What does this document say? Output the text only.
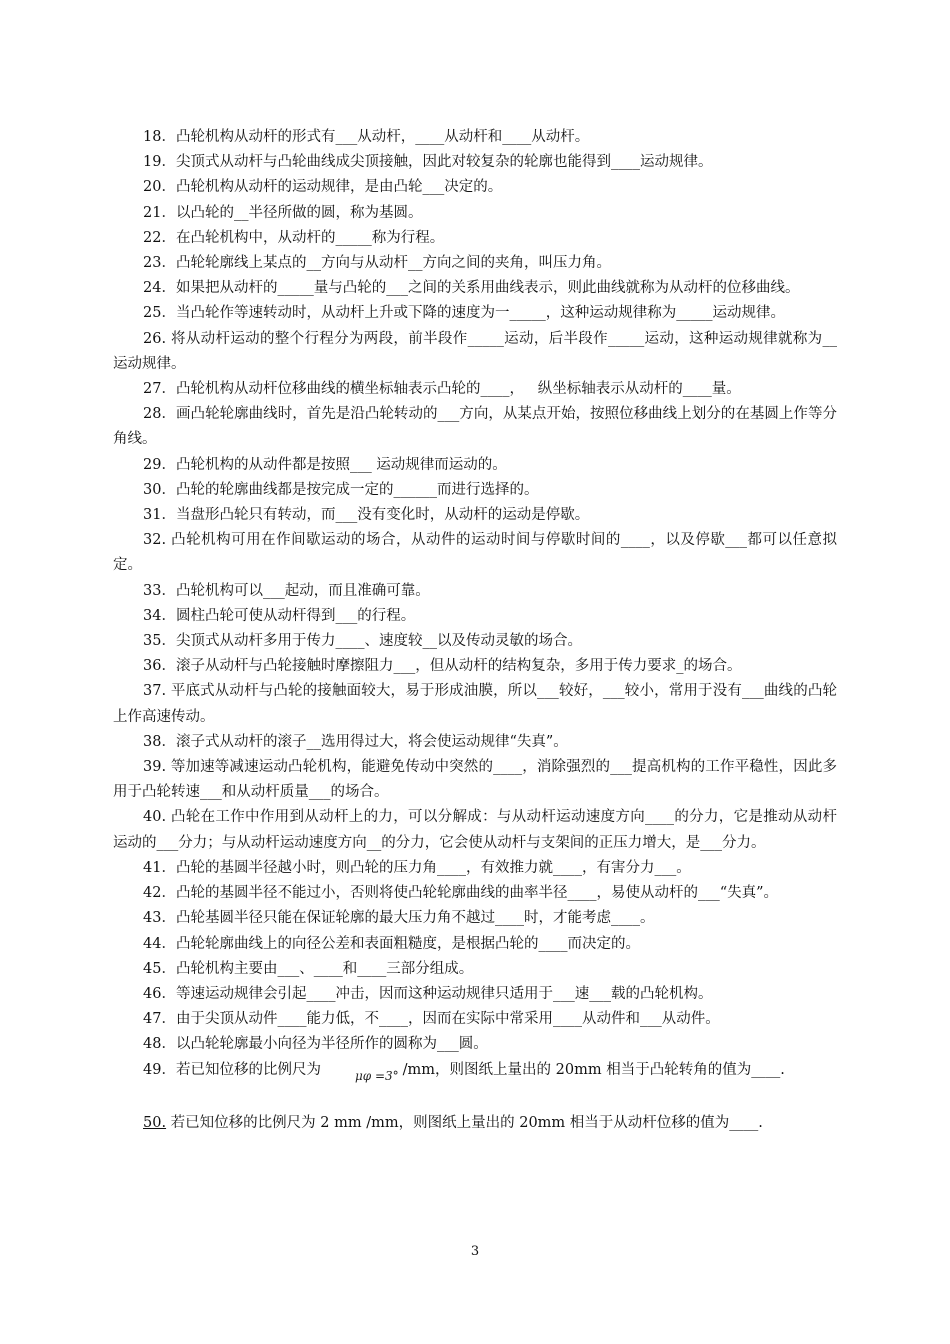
18．凸轮机构从动杆的形式有___从动杆，____从动杆和____从动杆。

19．尖顶式从动杆与凸轮曲线成尖顶接触，因此对较复杂的轮廓也能得到____运动规律。

20．凸轮机构从动杆的运动规律，是由凸轮___决定的。

21．以凸轮的__半径所做的圆，称为基圆。

22．在凸轮机构中，从动杆的_____称为行程。

23．凸轮轮廓线上某点的__方向与从动杆__方向之间的夹角，叫压力角。

24．如果把从动杆的_____量与凸轮的___之间的关系用曲线表示，则此曲线就称为从动杆的位移曲线。

25．当凸轮作等速转动时，从动杆上升或下降的速度为一_____，这种运动规律称为_____运动规律。

26. 将从动杆运动的整个行程分为两段，前半段作_____运动，后半段作_____运动，这种运动规律就称为__运动规律。

27．凸轮机构从动杆位移曲线的横坐标轴表示凸轮的____，   纵坐标轴表示从动杆的____量。

28．画凸轮轮廓曲线时，首先是沿凸轮转动的___方向，从某点开始，按照位移曲线上划分的在基圆上作等分角线。

29．凸轮机构的从动件都是按照___ 运动规律而运动的。

30．凸轮的轮廓曲线都是按完成一定的______而进行选择的。

31．当盘形凸轮只有转动，而___没有变化时，从动杆的运动是停歇。

32. 凸轮机构可用在作间歇运动的场合，从动件的运动时间与停歇时间的____，以及停歇___都可以任意拟定。

33．凸轮机构可以___起动，而且准确可靠。

34．圆柱凸轮可使从动杆得到___的行程。

35．尖顶式从动杆多用于传力____、速度较__以及传动灵敏的场合。

36．滚子从动杆与凸轮接触时摩擦阻力___，但从动杆的结构复杂，多用于传力要求_的场合。

37. 平底式从动杆与凸轮的接触面较大，易于形成油膜，所以___较好，___较小，常用于没有___曲线的凸轮上作高速传动。

38．滚子式从动杆的滚子__选用得过大，将会使运动规律“失真”。

39. 等加速等减速运动凸轮机构，能避免传动中突然的____，消除强烈的___提高机构的工作平稳性，因此多用于凸轮转速___和从动杆质量___的场合。

40. 凸轮在工作中作用到从动杆上的力，可以分解成：与从动杆运动速度方向____的分力，它是推动从动杆运动的___分力；与从动杆运动速度方向__的分力，它会使从动杆与支架间的正压力增大，是___分力。

41．凸轮的基圆半径越小时，则凸轮的压力角____，有效推力就____，有害分力___。

42．凸轮的基圆半径不能过小，否则将使凸轮轮廓曲线的曲率半径____，易使从动杆的___“失真”。

43．凸轮基圆半径只能在保证轮廓的最大压力角不越过____时，才能考虑____。

44．凸轮轮廓曲线上的向径公差和表面粗糙度，是根据凸轮的____而决定的。

45．凸轮机构主要由___、____和____三部分组成。

46．等速运动规律会引起____冲击，因而这种运动规律只适用于___速___载的凸轮机构。

47．由于尖顶从动件____能力低，不____，因而在实际中常采用____从动件和___从动件。

48．以凸轮轮廓最小向径为半径所作的圆称为___圆。

49．若已知位移的比例尺为	μφ =3° /mm，则图纸上量出的 20mm 相当于凸轮转角的值为____.

50. 若已知位移的比例尺为 2 mm /mm，则图纸上量出的 20mm 相当于从动杆位移的值为____.

3
